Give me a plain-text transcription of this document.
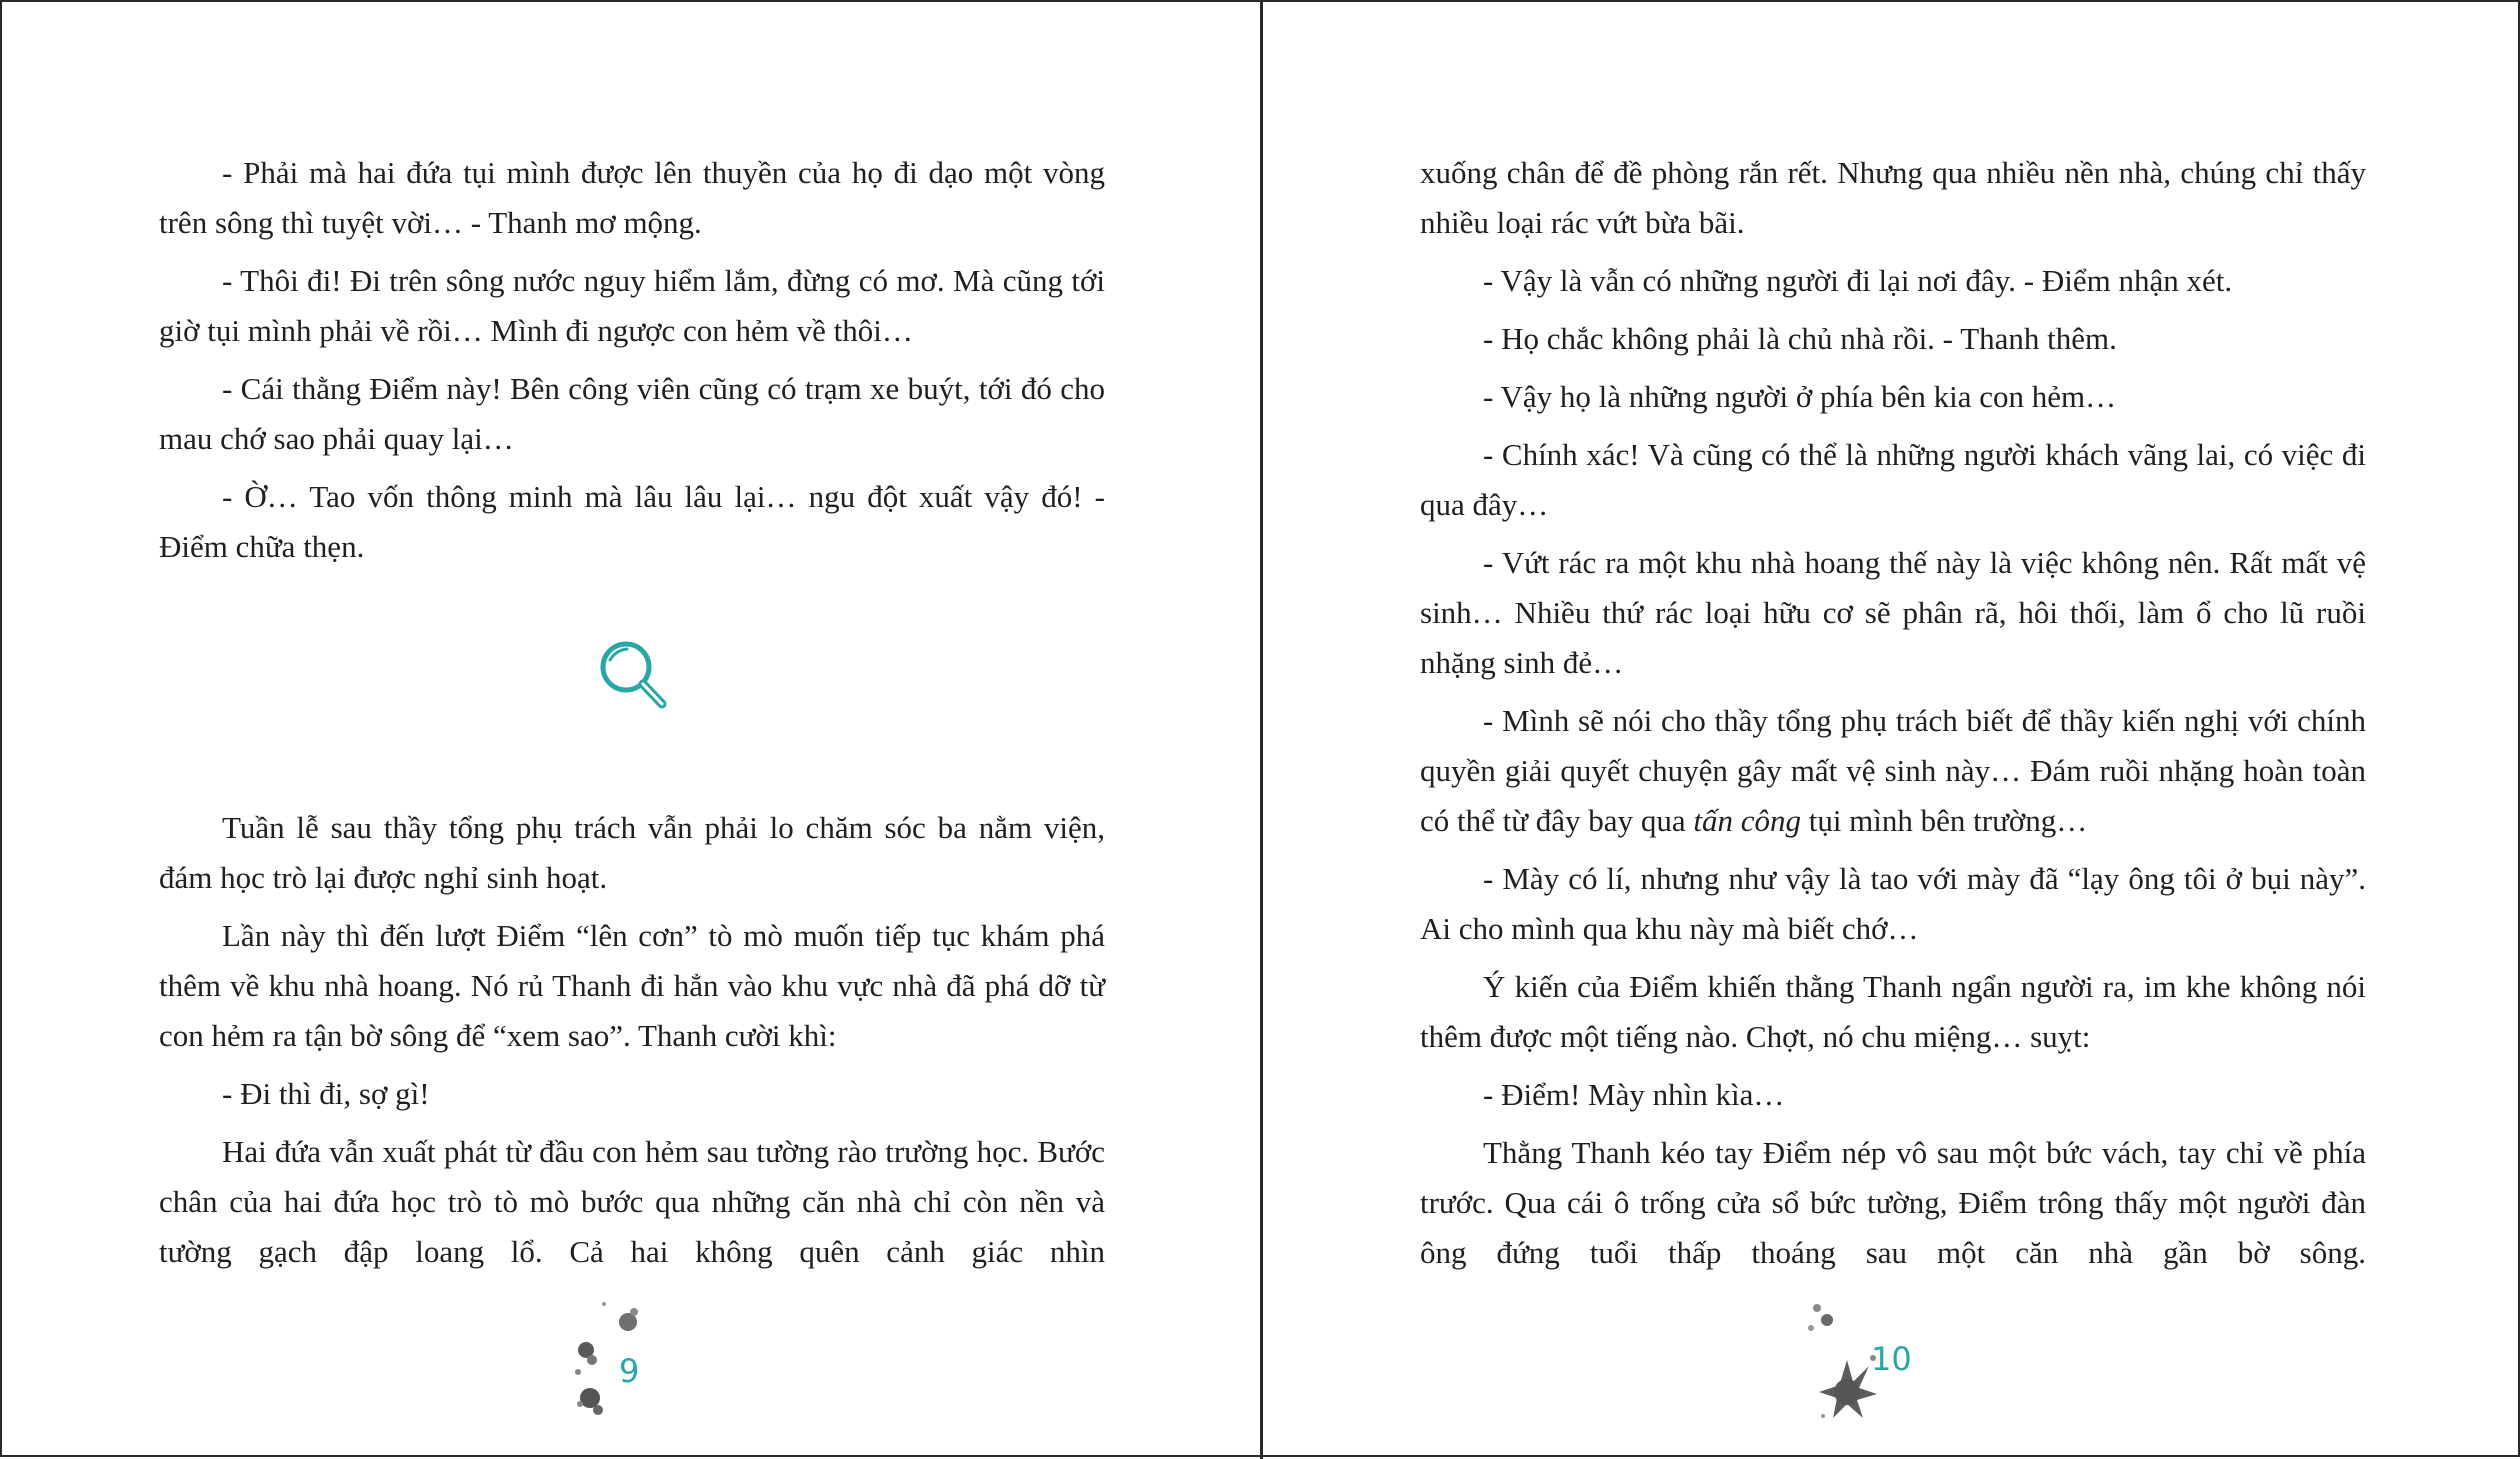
- Phải mà hai đứa tụi mình được lên thuyền của họ đi dạo một vòng trên sông thì tuyệt vời… - Thanh mơ mộng.

- Thôi đi! Đi trên sông nước nguy hiểm lắm, đừng có mơ. Mà cũng tới giờ tụi mình phải về rồi… Mình đi ngược con hẻm về thôi…

- Cái thằng Điểm này! Bên công viên cũng có trạm xe buýt, tới đó cho mau chớ sao phải quay lại…

- Ờ… Tao vốn thông minh mà lâu lâu lại… ngu đột xuất vậy đó! - Điểm chữa thẹn.

Tuần lễ sau thầy tổng phụ trách vẫn phải lo chăm sóc ba nằm viện, đám học trò lại được nghỉ sinh hoạt.

Lần này thì đến lượt Điểm “lên cơn” tò mò muốn tiếp tục khám phá thêm về khu nhà hoang. Nó rủ Thanh đi hẳn vào khu vực nhà đã phá dỡ từ con hẻm ra tận bờ sông để “xem sao”. Thanh cười khì:

- Đi thì đi, sợ gì!

Hai đứa vẫn xuất phát từ đầu con hẻm sau tường rào trường học. Bước chân của hai đứa học trò tò mò bước qua những căn nhà chỉ còn nền và tường gạch đập loang lổ. Cả hai không quên cảnh giác nhìn

9

xuống chân để đề phòng rắn rết. Nhưng qua nhiều nền nhà, chúng chỉ thấy nhiều loại rác vứt bừa bãi.

- Vậy là vẫn có những người đi lại nơi đây. - Điểm nhận xét.

- Họ chắc không phải là chủ nhà rồi. - Thanh thêm.

- Vậy họ là những người ở phía bên kia con hẻm…

- Chính xác! Và cũng có thể là những người khách vãng lai, có việc đi qua đây…

- Vứt rác ra một khu nhà hoang thế này là việc không nên. Rất mất vệ sinh… Nhiều thứ rác loại hữu cơ sẽ phân rã, hôi thối, làm ổ cho lũ ruồi nhặng sinh đẻ…

- Mình sẽ nói cho thầy tổng phụ trách biết để thầy kiến nghị với chính quyền giải quyết chuyện gây mất vệ sinh này… Đám ruồi nhặng hoàn toàn có thể từ đây bay qua tấn công tụi mình bên trường…

- Mày có lí, nhưng như vậy là tao với mày đã “lạy ông tôi ở bụi này”. Ai cho mình qua khu này mà biết chớ…

Ý kiến của Điểm khiến thằng Thanh ngẩn người ra, im khe không nói thêm được một tiếng nào. Chợt, nó chu miệng… suỵt:

- Điểm! Mày nhìn kìa…

Thằng Thanh kéo tay Điểm nép vô sau một bức vách, tay chỉ về phía trước. Qua cái ô trống cửa sổ bức tường, Điểm trông thấy một người đàn ông đứng tuổi thấp thoáng sau một căn nhà gần bờ sông.

10
